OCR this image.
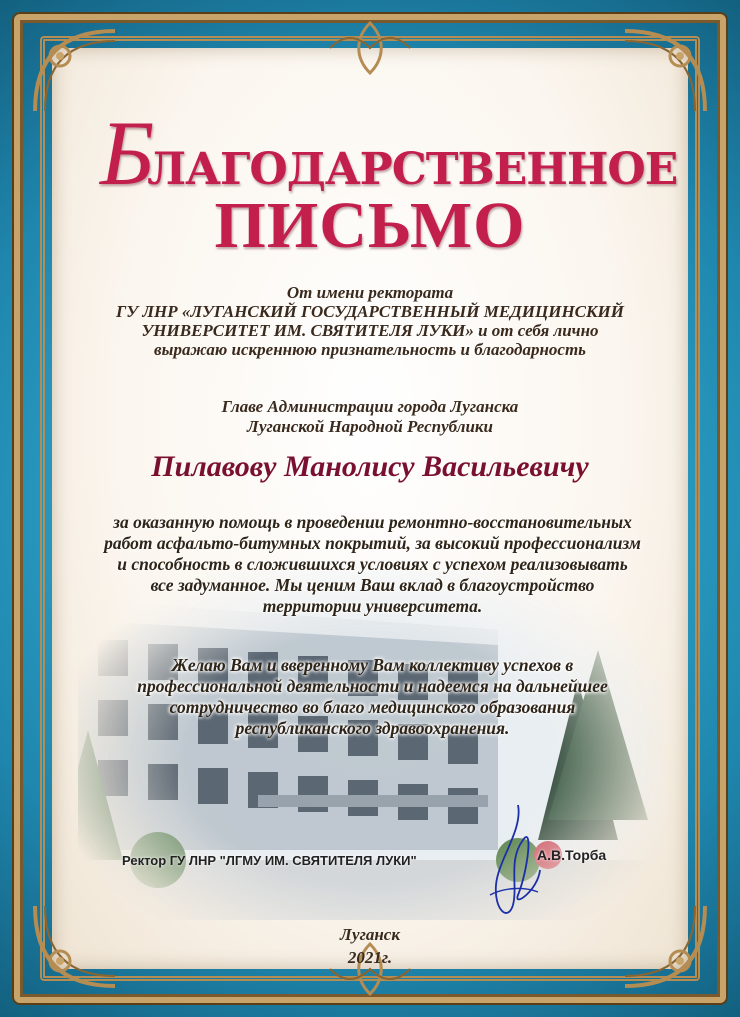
БЛАГОДАРСТВЕННОЕ
ПИСЬМО
От имени ректората
ГУ ЛНР «ЛУГАНСКИЙ ГОСУДАРСТВЕННЫЙ МЕДИЦИНСКИЙ
УНИВЕРСИТЕТ ИМ. СВЯТИТЕЛЯ ЛУКИ» и от себя лично
выражаю искреннюю признательность и благодарность
Главе Администрации города Луганска
Луганской Народной Республики
Пилавову Манолису Васильевичу
за оказанную помощь в проведении ремонтно-восстановительных
работ асфальто-битумных покрытий, за высокий профессионализм
и способность в сложившихся условиях с успехом реализовывать
все задуманное. Мы ценим Ваш вклад в благоустройство
территории университета.
Желаю Вам и вверенному Вам коллективу успехов в
профессиональной деятельности и надеемся на дальнейшее
сотрудничество во благо медицинского образования
республиканского здравоохранения.
Ректор ГУ ЛНР "ЛГМУ ИМ. СВЯТИТЕЛЯ ЛУКИ"	А.В.Торба
Луганск
2021г.
